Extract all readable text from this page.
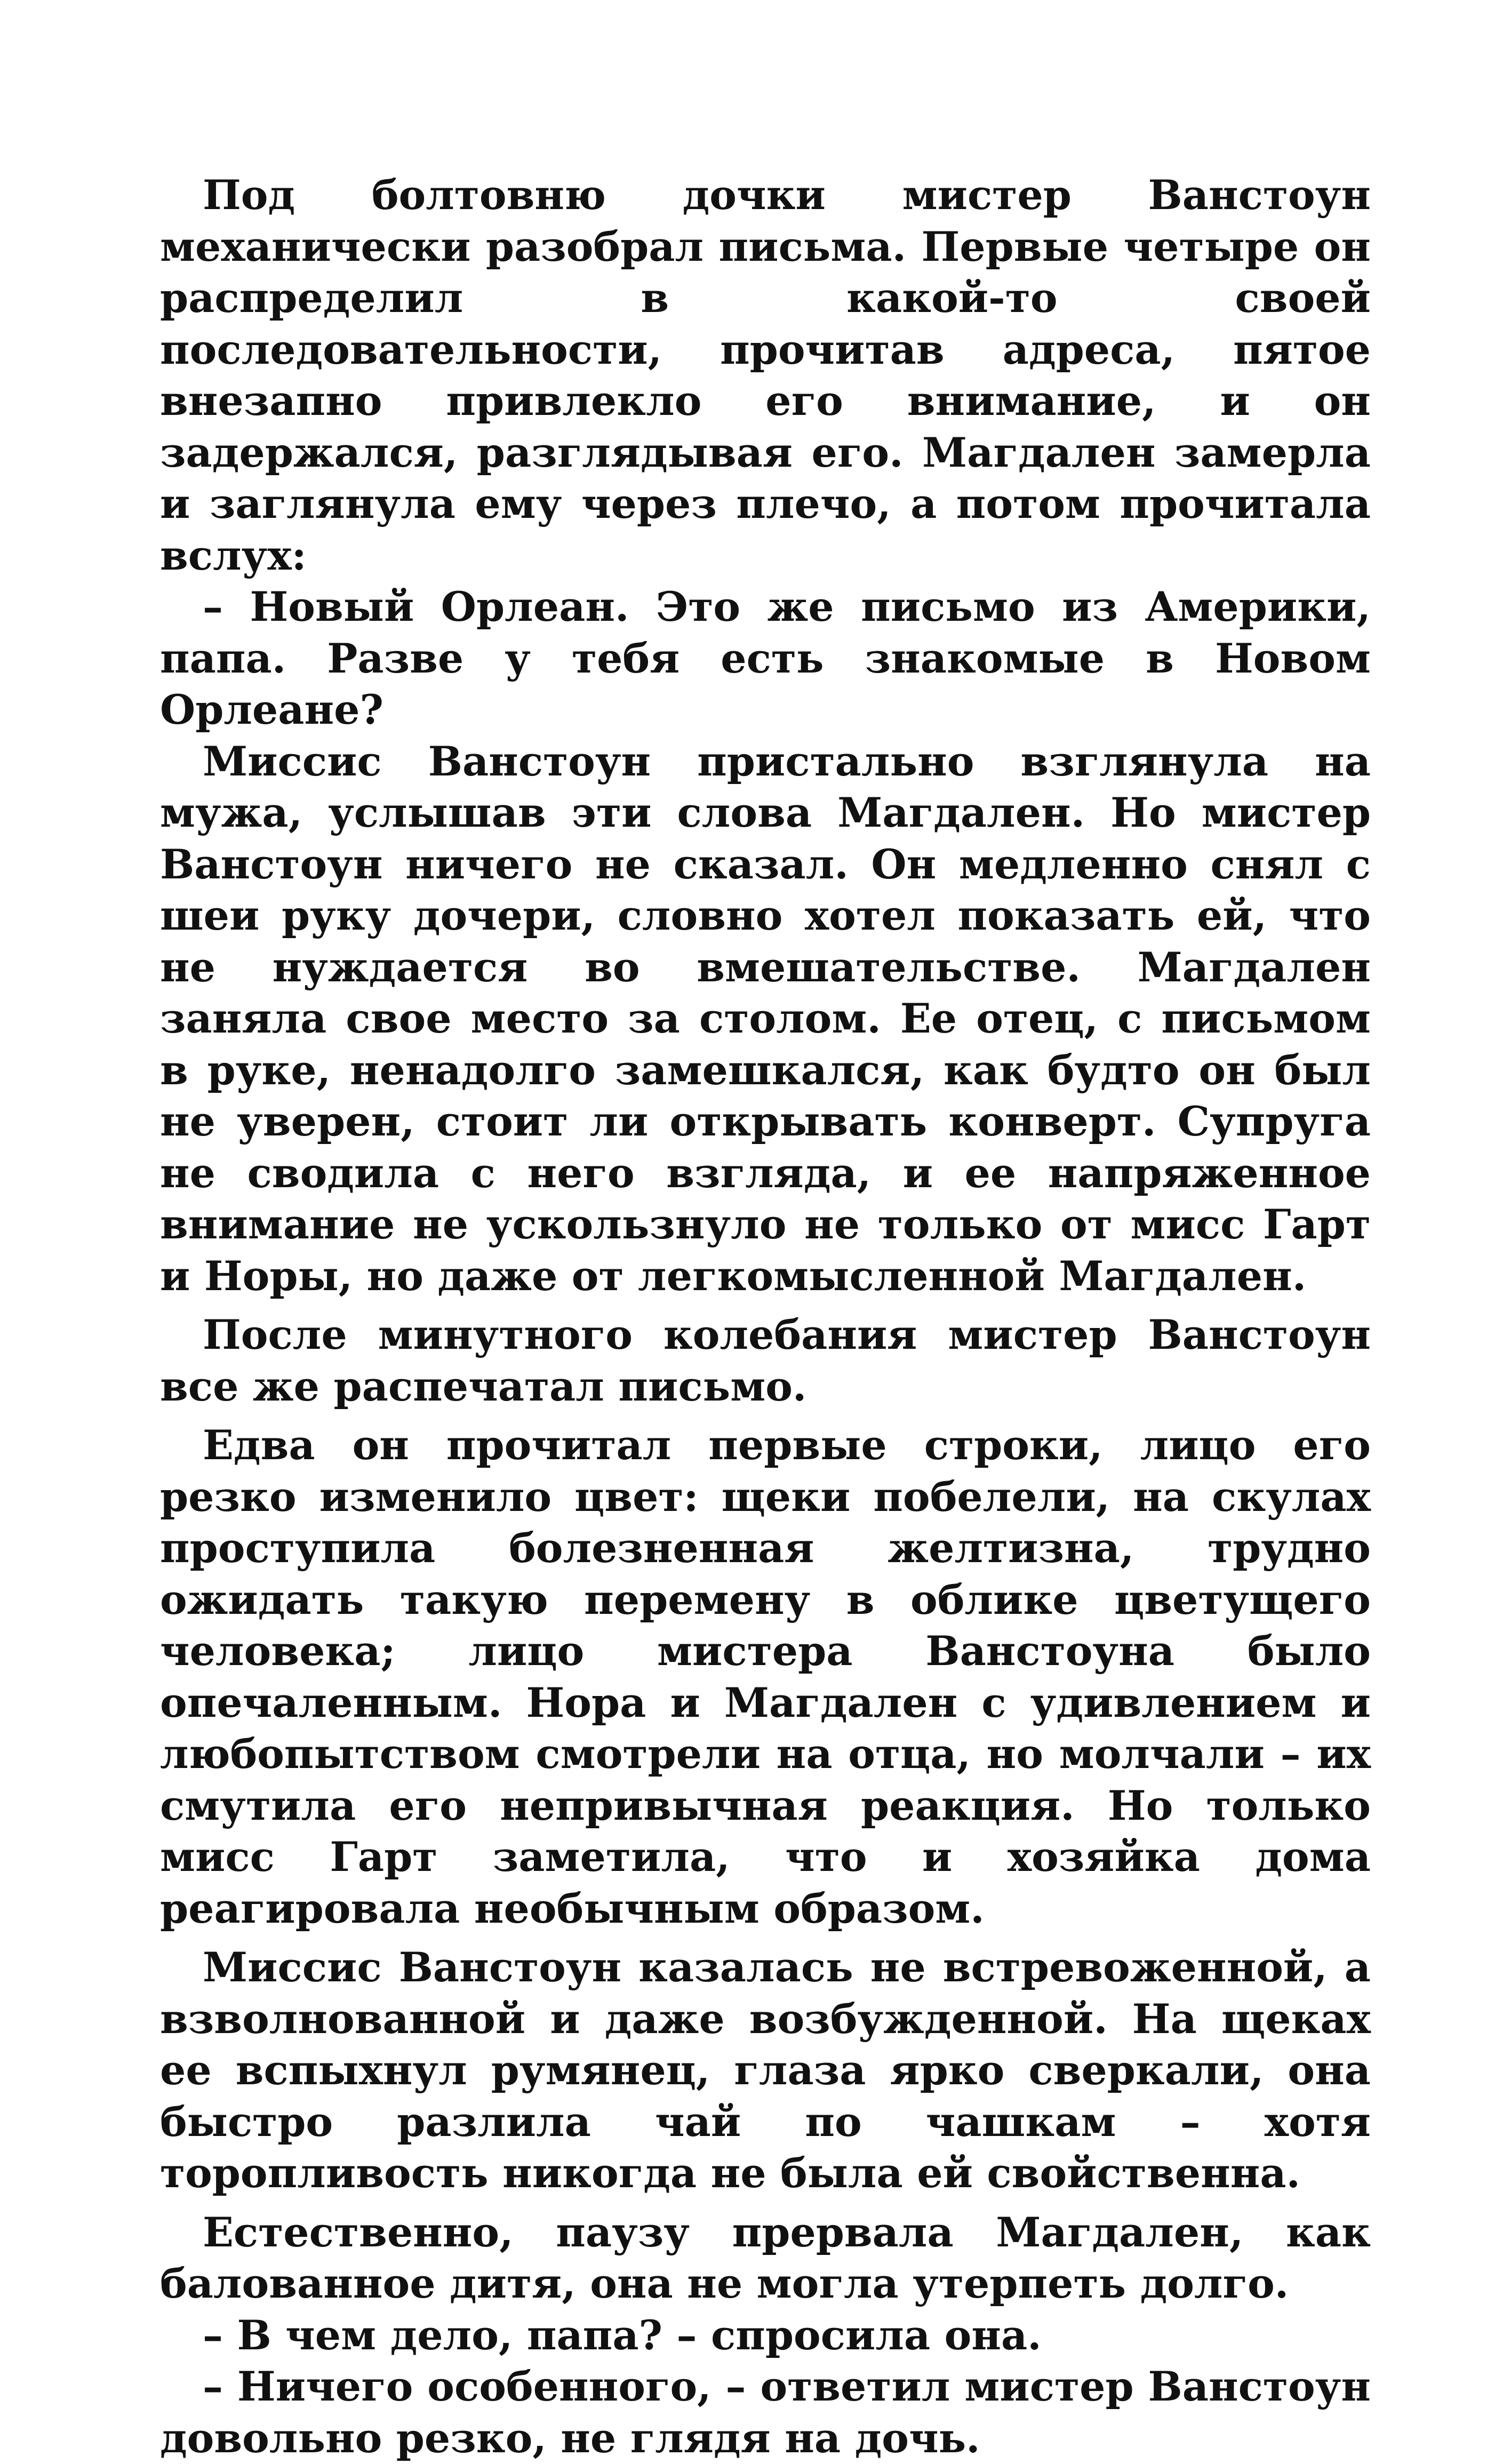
Под болтовню дочки мистер Ванстоун механически разобрал письма. Первые четыре он распределил в какой-то своей последовательности, прочитав адреса, пятое внезапно привлекло его внимание, и он задержался, разглядывая его. Магдален замерла и заглянула ему через плечо, а потом прочитала вслух:

– Новый Орлеан. Это же письмо из Америки, папа. Разве у тебя есть знакомые в Новом Орлеане?

Миссис Ванстоун пристально взглянула на мужа, услышав эти слова Магдален. Но мистер Ванстоун ничего не сказал. Он медленно снял с шеи руку дочери, словно хотел показать ей, что не нуждается во вмешательстве. Магдален заняла свое место за столом. Ее отец, с письмом в руке, ненадолго замешкался, как будто он был не уверен, стоит ли открывать конверт. Супруга не сводила с него взгляда, и ее напряженное внимание не ускользнуло не только от мисс Гарт и Норы, но даже от легкомысленной Магдален.

После минутного колебания мистер Ванстоун все же распечатал письмо.

Едва он прочитал первые строки, лицо его резко изменило цвет: щеки побелели, на скулах проступила болезненная желтизна, трудно ожидать такую перемену в облике цветущего человека; лицо мистера Ванстоуна было опечаленным. Нора и Магдален с удивлением и любопытством смотрели на отца, но молчали – их смутила его непривычная реакция. Но только мисс Гарт заметила, что и хозяйка дома реагировала необычным образом.

Миссис Ванстоун казалась не встревоженной, а взволнованной и даже возбужденной. На щеках ее вспыхнул румянец, глаза ярко сверкали, она быстро разлила чай по чашкам – хотя торопливость никогда не была ей свойственна.

Естественно, паузу прервала Магдален, как балованное дитя, она не могла утерпеть долго.

– В чем дело, папа? – спросила она.

– Ничего особенного, – ответил мистер Ванстоун довольно резко, не глядя на дочь.
